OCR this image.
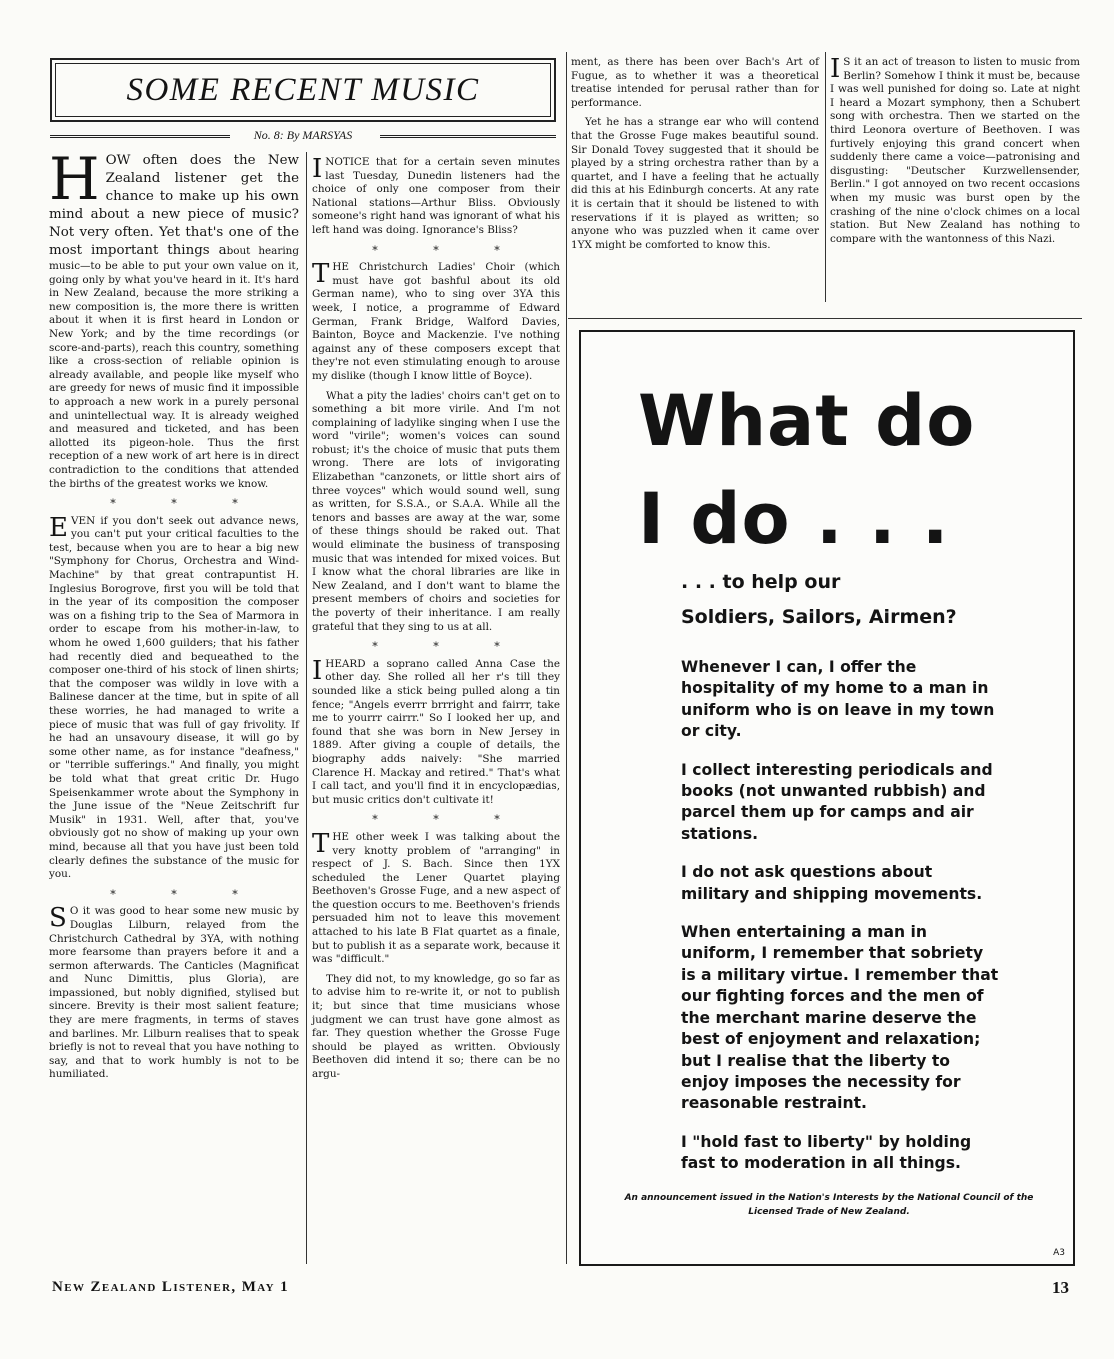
SOME RECENT MUSIC
No. 8: By MARSYAS

H OW often does the New Zealand listener get the chance to make up his own mind about a new piece of music? Not very often. Yet that's one of the most important things about hearing music—to be able to put your own value on it, going only by what you've heard in it. It's hard in New Zealand, because the more striking a new composition is, the more there is written about it when it is first heard in London or New York; and by the time recordings (or score-and-parts), reach this country, something like a cross-section of reliable opinion is already available, and people like myself who are greedy for news of music find it impossible to approach a new work in a purely personal and unintellectual way. It is already weighed and measured and ticketed, and has been allotted its pigeon-hole. Thus the first reception of a new work of art here is in direct contradiction to the conditions that attended the births of the greatest works we know.

* * *

EVEN if you don't seek out advance news, you can't put your critical faculties to the test, because when you are to hear a big new "Symphony for Chorus, Orchestra and Wind-Machine" by that great contrapuntist H. Inglesius Borogrove, first you will be told that in the year of its composition the composer was on a fishing trip to the Sea of Marmora in order to escape from his mother-in-law, to whom he owed 1,600 guilders; that his father had recently died and bequeathed to the composer one-third of his stock of linen shirts; that the composer was wildly in love with a Balinese dancer at the time, but in spite of all these worries, he had managed to write a piece of music that was full of gay frivolity. If he had an unsavoury disease, it will go by some other name, as for instance "deafness," or "terrible sufferings." And finally, you might be told what that great critic Dr. Hugo Speisenkammer wrote about the Symphony in the June issue of the "Neue Zeitschrift fur Musik" in 1931. Well, after that, you've obviously got no show of making up your own mind, because all that you have just been told clearly defines the substance of the music for you.

* * *

S O it was good to hear some new music by Douglas Lilburn, relayed from the Christchurch Cathedral by 3YA, with nothing more fearsome than prayers before it and a sermon afterwards. The Canticles (Magnificat and Nunc Dimittis, plus Gloria), are impassioned, but nobly dignified, stylised but sincere. Brevity is their most salient feature; they are mere fragments, in terms of staves and barlines. Mr. Lilburn realises that to speak briefly is not to reveal that you have nothing to say, and that to work humbly is not to be humiliated.

INOTICE that for a certain seven minutes last Tuesday, Dunedin listeners had the choice of only one composer from their National stations—Arthur Bliss. Obviously someone's right hand was ignorant of what his left hand was doing. Ignorance's Bliss?

* * *

THE Christchurch Ladies' Choir (which must have got bashful about its old German name), who to sing over 3YA this week, I notice, a programme of Edward German, Frank Bridge, Walford Davies, Bainton, Boyce and Mackenzie. I've nothing against any of these composers except that they're not even stimulating enough to arouse my dislike (though I know little of Boyce).

What a pity the ladies' choirs can't get on to something a bit more virile. And I'm not complaining of ladylike singing when I use the word "virile"; women's voices can sound robust; it's the choice of music that puts them wrong. There are lots of invigorating Elizabethan "canzonets, or little short airs of three voyces" which would sound well, sung as written, for S.S.A., or S.A.A. While all the tenors and basses are away at the war, some of these things should be raked out. That would eliminate the business of transposing music that was intended for mixed voices. But I know what the choral libraries are like in New Zealand, and I don't want to blame the present members of choirs and societies for the poverty of their inheritance. I am really grateful that they sing to us at all.

* * *

IHEARD a soprano called Anna Case the other day. She rolled all her r's till they sounded like a stick being pulled along a tin fence; "Angels everrr brrright and fairrr, take me to yourrr cairrr." So I looked her up, and found that she was born in New Jersey in 1889. After giving a couple of details, the biography adds naively: "She married Clarence H. Mackay and retired." That's what I call tact, and you'll find it in encyclopædias, but music critics don't cultivate it!

* * *

THE other week I was talking about the very knotty problem of "arranging" in respect of J. S. Bach. Since then 1YX scheduled the Lener Quartet playing Beethoven's Grosse Fuge, and a new aspect of the question occurs to me. Beethoven's friends persuaded him not to leave this movement attached to his late B Flat quartet as a finale, but to publish it as a separate work, because it was "difficult."

They did not, to my knowledge, go so far as to advise him to re-write it, or not to publish it; but since that time musicians whose judgment we can trust have gone almost as far. They question whether the Grosse Fuge should be played as written. Obviously Beethoven did intend it so; there can be no argu-

ment, as there has been over Bach's Art of Fugue, as to whether it was a theoretical treatise intended for perusal rather than for performance.

Yet he has a strange ear who will contend that the Grosse Fuge makes beautiful sound. Sir Donald Tovey suggested that it should be played by a string orchestra rather than by a quartet, and I have a feeling that he actually did this at his Edinburgh concerts. At any rate it is certain that it should be listened to with reservations if it is played as written; so anyone who was puzzled when it came over 1YX might be comforted to know this.

I S it an act of treason to listen to music from Berlin? Somehow I think it must be, because I was well punished for doing so. Late at night I heard a Mozart symphony, then a Schubert song with orchestra. Then we started on the third Leonora overture of Beethoven. I was furtively enjoying this grand concert when suddenly there came a voice—patronising and disgusting: "Deutscher Kurzwellensender, Berlin." I got annoyed on two recent occasions when my music was burst open by the crashing of the nine o'clock chimes on a local station. But New Zealand has nothing to compare with the wantonness of this Nazi.

What do
I do . . .
. . . to help our
Soldiers, Sailors, Airmen?

Whenever I can, I offer the hospitality of my home to a man in uniform who is on leave in my town or city.

I collect interesting periodicals and books (not unwanted rubbish) and parcel them up for camps and air stations.

I do not ask questions about military and shipping movements.

When entertaining a man in uniform, I remember that sobriety is a military virtue. I remember that our fighting forces and the men of the merchant marine deserve the best of enjoyment and relaxation; but I realise that the liberty to enjoy imposes the necessity for reasonable restraint.

I "hold fast to liberty" by holding fast to moderation in all things.

An announcement issued in the Nation's Interests by the National Council of the Licensed Trade of New Zealand.
A3
New Zealand Listener, May 1	13
